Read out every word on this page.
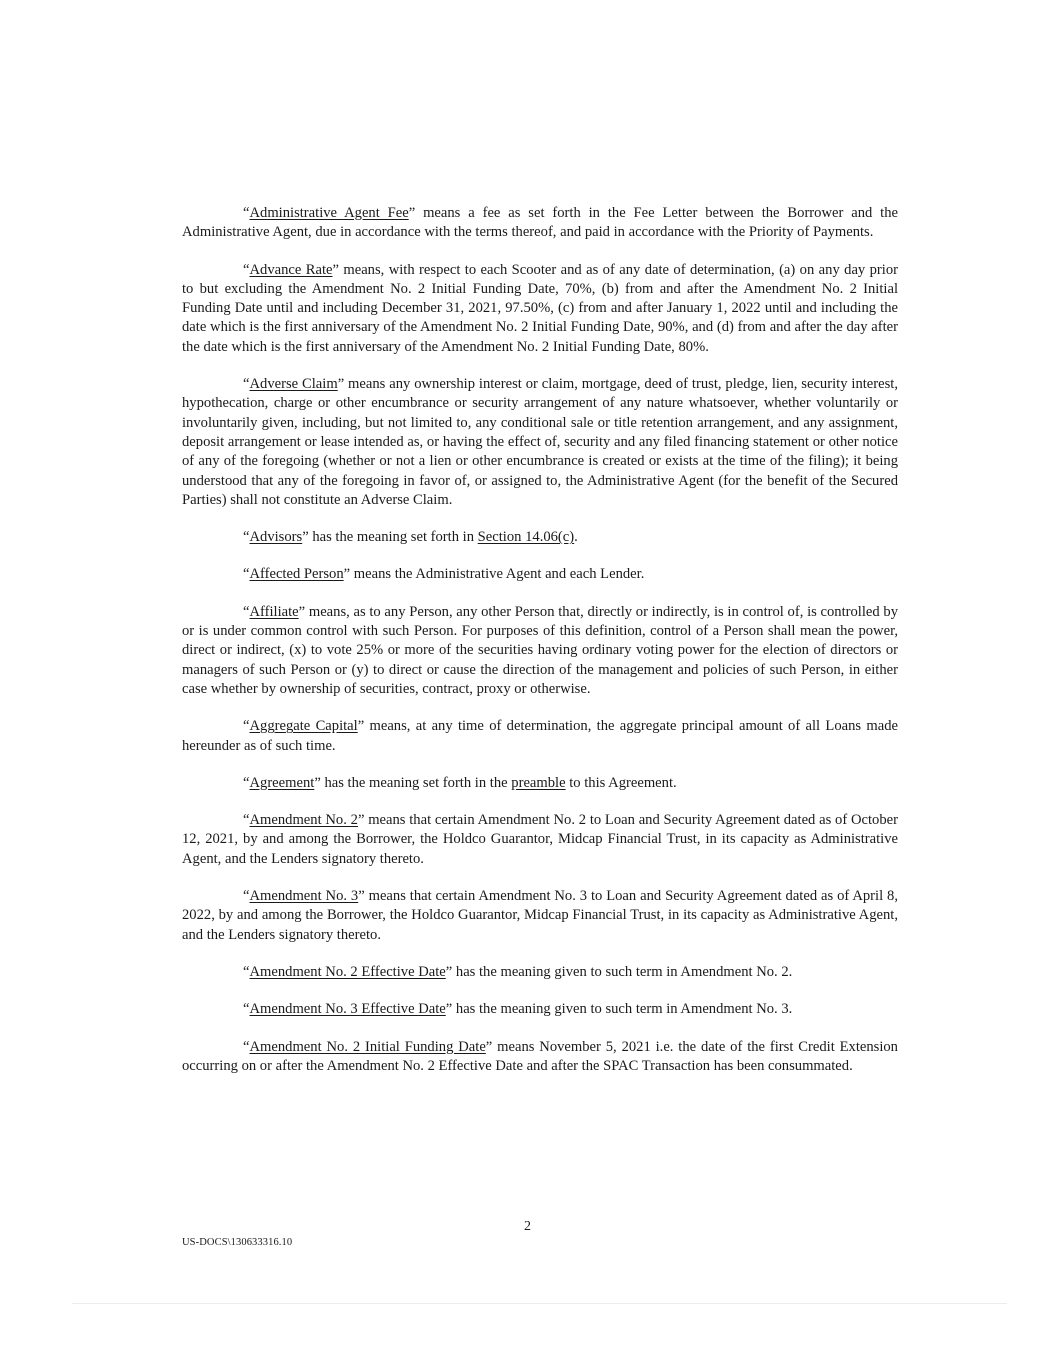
“Administrative Agent Fee” means a fee as set forth in the Fee Letter between the Borrower and the Administrative Agent, due in accordance with the terms thereof, and paid in accordance with the Priority of Payments.

“Advance Rate” means, with respect to each Scooter and as of any date of determination, (a) on any day prior to but excluding the Amendment No. 2 Initial Funding Date, 70%, (b) from and after the Amendment No. 2 Initial Funding Date until and including December 31, 2021, 97.50%, (c) from and after January 1, 2022 until and including the date which is the first anniversary of the Amendment No. 2 Initial Funding Date, 90%, and (d) from and after the day after the date which is the first anniversary of the Amendment No. 2 Initial Funding Date, 80%.

“Adverse Claim” means any ownership interest or claim, mortgage, deed of trust, pledge, lien, security interest, hypothecation, charge or other encumbrance or security arrangement of any nature whatsoever, whether voluntarily or involuntarily given, including, but not limited to, any conditional sale or title retention arrangement, and any assignment, deposit arrangement or lease intended as, or having the effect of, security and any filed financing statement or other notice of any of the foregoing (whether or not a lien or other encumbrance is created or exists at the time of the filing); it being understood that any of the foregoing in favor of, or assigned to, the Administrative Agent (for the benefit of the Secured Parties) shall not constitute an Adverse Claim.

“Advisors” has the meaning set forth in Section 14.06(c).

“Affected Person” means the Administrative Agent and each Lender.

“Affiliate” means, as to any Person, any other Person that, directly or indirectly, is in control of, is controlled by or is under common control with such Person. For purposes of this definition, control of a Person shall mean the power, direct or indirect, (x) to vote 25% or more of the securities having ordinary voting power for the election of directors or managers of such Person or (y) to direct or cause the direction of the management and policies of such Person, in either case whether by ownership of securities, contract, proxy or otherwise.

“Aggregate Capital” means, at any time of determination, the aggregate principal amount of all Loans made hereunder as of such time.

“Agreement” has the meaning set forth in the preamble to this Agreement.

“Amendment No. 2” means that certain Amendment No. 2 to Loan and Security Agreement dated as of October 12, 2021, by and among the Borrower, the Holdco Guarantor, Midcap Financial Trust, in its capacity as Administrative Agent, and the Lenders signatory thereto.

“Amendment No. 3” means that certain Amendment No. 3 to Loan and Security Agreement dated as of April 8, 2022, by and among the Borrower, the Holdco Guarantor, Midcap Financial Trust, in its capacity as Administrative Agent, and the Lenders signatory thereto.

“Amendment No. 2 Effective Date” has the meaning given to such term in Amendment No. 2.

“Amendment No. 3 Effective Date” has the meaning given to such term in Amendment No. 3.

“Amendment No. 2 Initial Funding Date” means November 5, 2021 i.e. the date of the first Credit Extension occurring on or after the Amendment No. 2 Effective Date and after the SPAC Transaction has been consummated.

2
US-DOCS\130633316.10
